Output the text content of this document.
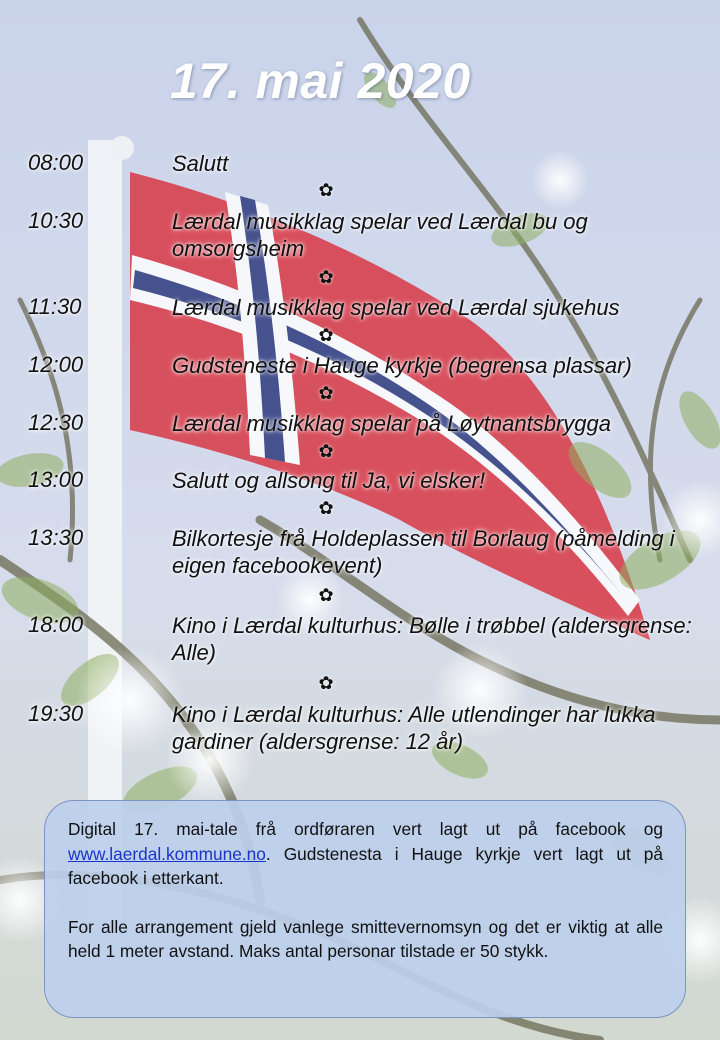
17. mai 2020
08:00	Salutt
✿
10:30	Lærdal musikklag spelar ved Lærdal bu og omsorgsheim
✿
11:30	Lærdal musikklag spelar ved Lærdal sjukehus
✿
12:00	Gudsteneste i Hauge kyrkje (begrensa plassar)
✿
12:30	Lærdal musikklag spelar på Løytnantsbrygga
✿
13:00	Salutt og allsong til Ja, vi elsker!
✿
13:30	Bilkortesje frå Holdeplassen til Borlaug (påmelding i eigen facebookevent)
✿
18:00	Kino i Lærdal kulturhus: Bølle i trøbbel (aldersgrense: Alle)
✿
19:30	Kino i Lærdal kulturhus: Alle utlendinger har lukka gardiner (aldersgrense: 12 år)

Digital 17. mai-tale frå ordføraren vert lagt ut på facebook og www.laerdal.kommune.no. Gudstenesta i Hauge kyrkje vert lagt ut på facebook i etterkant.

For alle arrangement gjeld vanlege smittevernomsyn og det er viktig at alle held 1 meter avstand. Maks antal personar tilstade er 50 stykk.
